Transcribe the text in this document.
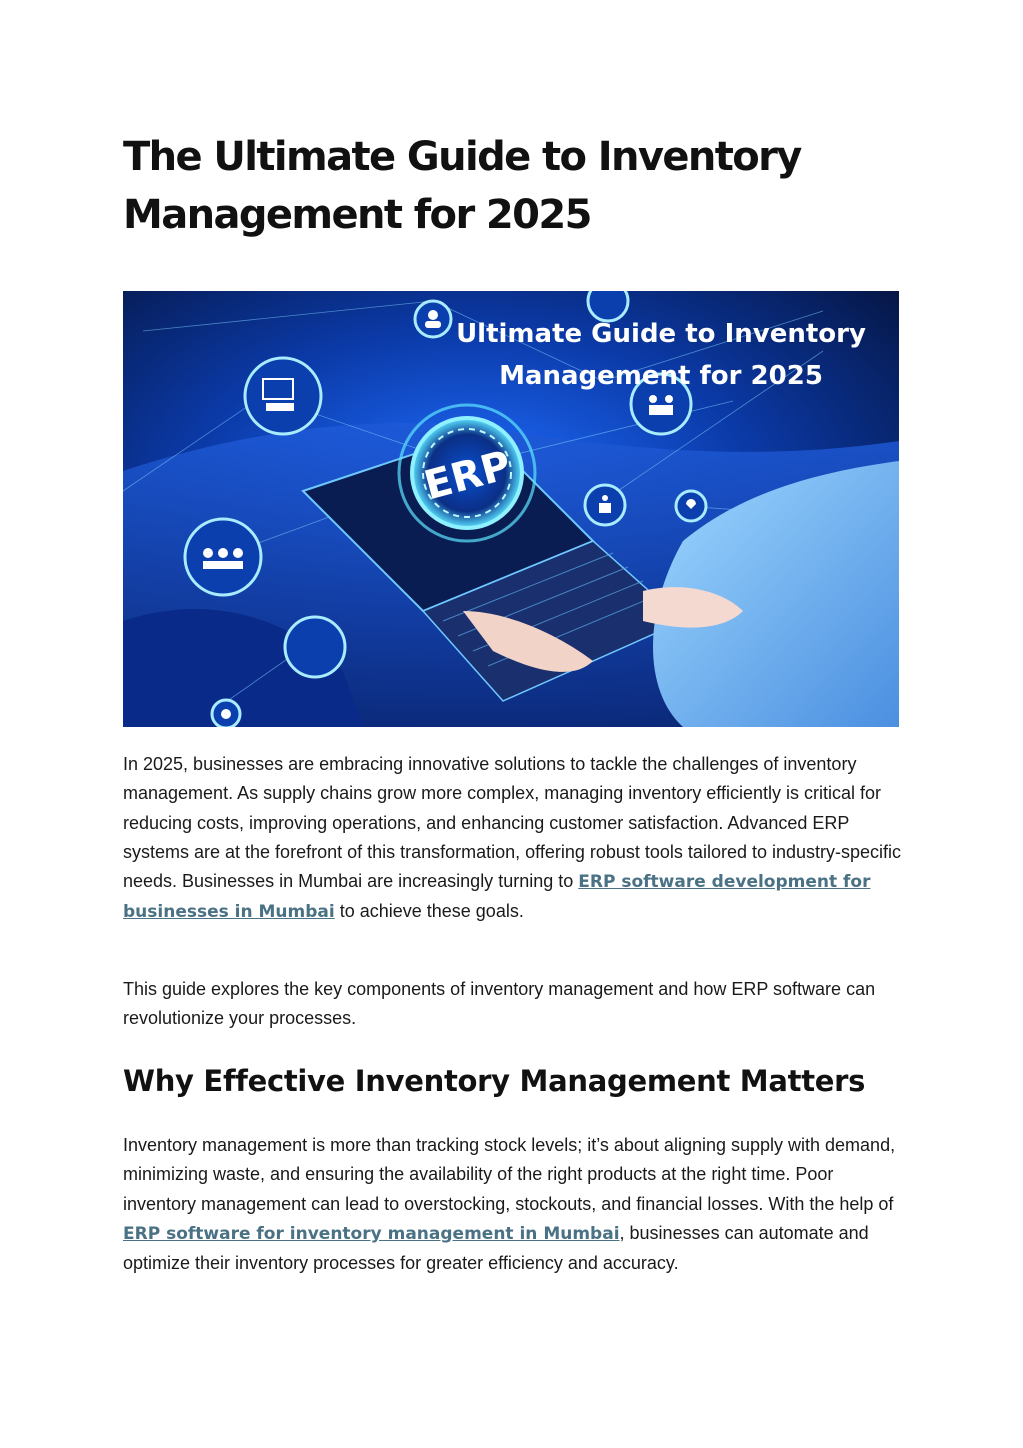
The Ultimate Guide to Inventory Management for 2025
ERP
Ultimate Guide to Inventory
Management for 2025

In 2025, businesses are embracing innovative solutions to tackle the challenges of inventory management. As supply chains grow more complex, managing inventory efficiently is critical for reducing costs, improving operations, and enhancing customer satisfaction. Advanced ERP systems are at the forefront of this transformation, offering robust tools tailored to industry-specific needs. Businesses in Mumbai are increasingly turning to ERP software development for businesses in Mumbai to achieve these goals.

This guide explores the key components of inventory management and how ERP software can revolutionize your processes.

Why Effective Inventory Management Matters

Inventory management is more than tracking stock levels; it’s about aligning supply with demand, minimizing waste, and ensuring the availability of the right products at the right time. Poor inventory management can lead to overstocking, stockouts, and financial losses. With the help of ERP software for inventory management in Mumbai, businesses can automate and optimize their inventory processes for greater efficiency and accuracy.
